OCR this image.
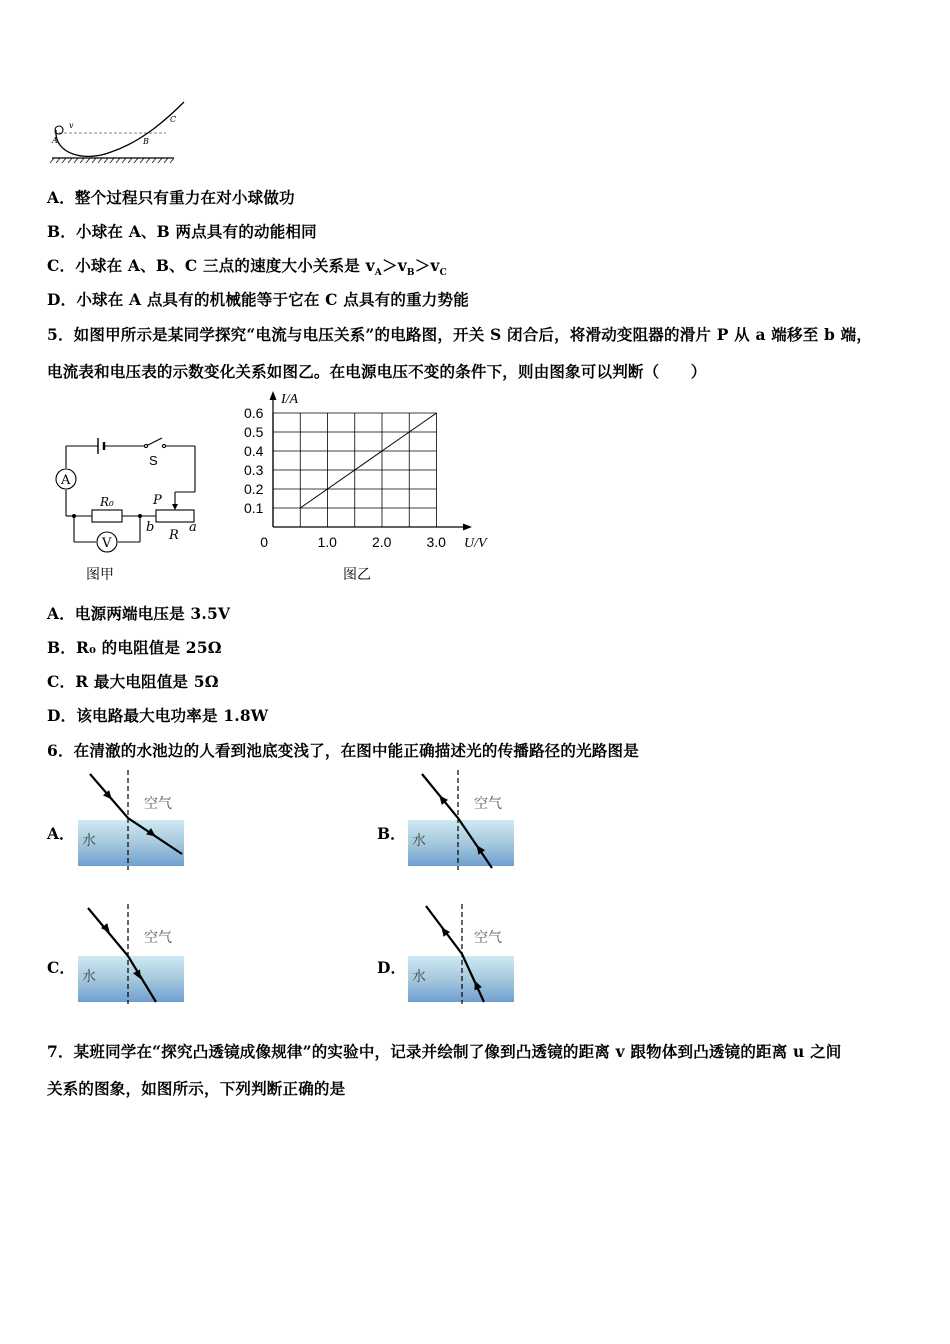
A
v
B
C
A．整个过程只有重力在对小球做功
B．小球在 A、B 两点具有的动能相同
C．小球在 A、B、C 三点的速度大小关系是 $v_A>v_B>v_C$
D．小球在 A 点具有的机械能等于它在 C 点具有的重力势能
5．如图甲所示是某同学探究“电流与电压关系”的电路图，开关 S 闭合后，将滑动变阻器的滑片 P 从 a 端移至 b 端，
电流表和电压表的示数变化关系如图乙。在电源电压不变的条件下，则由图象可以判断（　　）
A
V
S
R₀	P
b	a
R
图甲
0.1
0.2
0.3
0.4
0.5
0.6
0	1.0	2.0	3.0
I/A
U/V
图乙
A．电源两端电压是 3.5V
B．R₀ 的电阻值是 25Ω
C．R 最大电阻值是 5Ω
D．该电路最大电功率是 1.8W
6．在清澈的水池边的人看到池底变浅了，在图中能正确描述光的传播路径的光路图是
A．	B．
C．	D．
空气
水
空气
水
空气
水
空气
水
7．某班同学在“探究凸透镜成像规律”的实验中，记录并绘制了像到凸透镜的距离 v 跟物体到凸透镜的距离 u 之间
关系的图象，如图所示，下列判断正确的是
